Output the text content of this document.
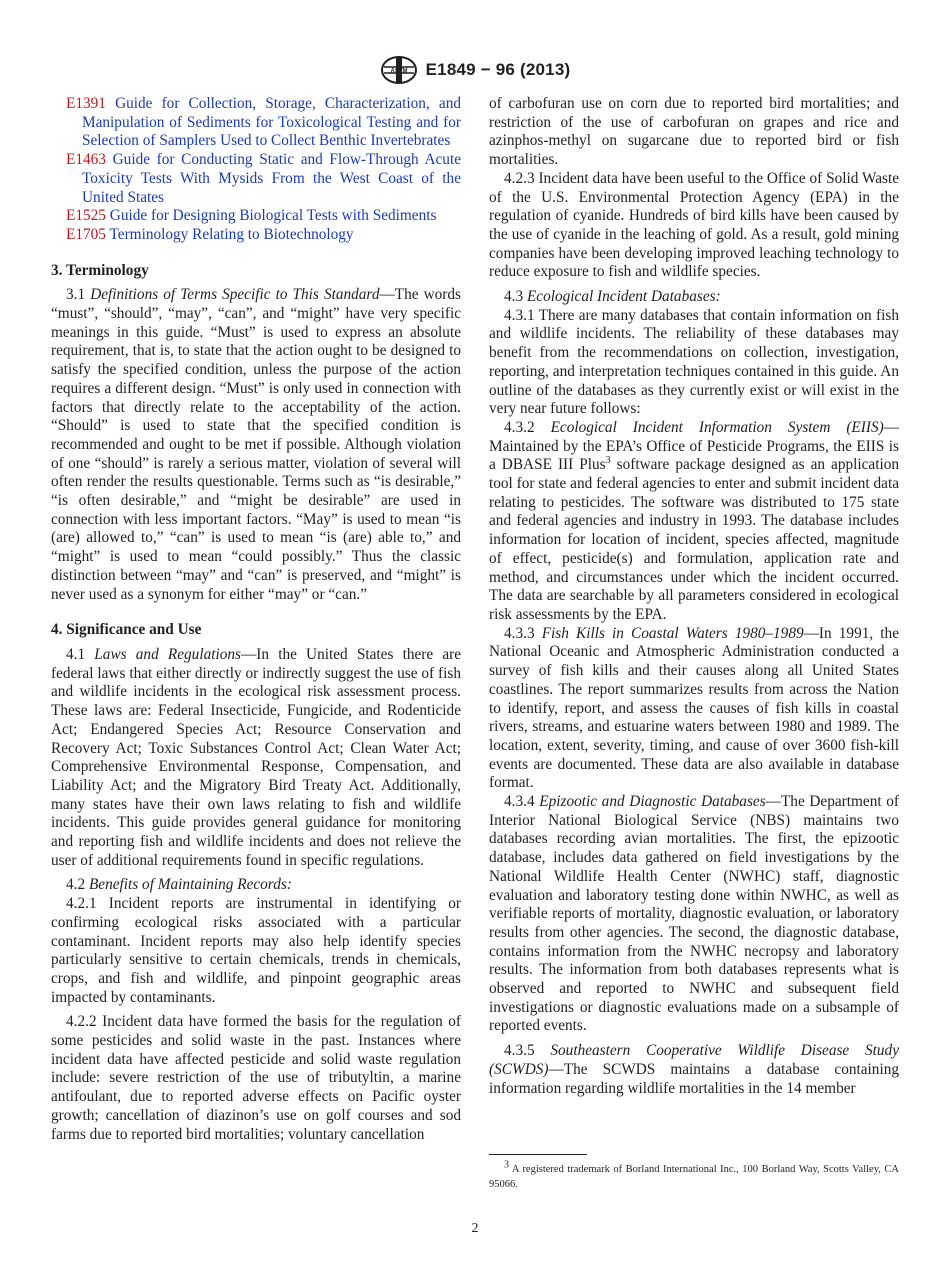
ASTM E1849 − 96 (2013)

E1391 Guide for Collection, Storage, Characterization, and Manipulation of Sediments for Toxicological Testing and for Selection of Samplers Used to Collect Benthic Invertebrates

E1463 Guide for Conducting Static and Flow-Through Acute Toxicity Tests With Mysids From the West Coast of the United States

E1525 Guide for Designing Biological Tests with Sediments

E1705 Terminology Relating to Biotechnology

3. Terminology

3.1 Definitions of Terms Specific to This Standard—The words “must”, “should”, “may”, “can”, and “might” have very specific meanings in this guide. “Must” is used to express an absolute requirement, that is, to state that the action ought to be designed to satisfy the specified condition, unless the purpose of the action requires a different design. “Must” is only used in connection with factors that directly relate to the acceptability of the action. “Should” is used to state that the specified condition is recommended and ought to be met if possible. Although violation of one “should” is rarely a serious matter, violation of several will often render the results questionable. Terms such as “is desirable,” “is often desirable,” and “might be desirable” are used in connection with less important factors. “May” is used to mean “is (are) allowed to,” “can” is used to mean “is (are) able to,” and “might” is used to mean “could possibly.” Thus the classic distinction between “may” and “can” is preserved, and “might” is never used as a synonym for either “may” or “can.”

4. Significance and Use

4.1 Laws and Regulations—In the United States there are federal laws that either directly or indirectly suggest the use of fish and wildlife incidents in the ecological risk assessment process. These laws are: Federal Insecticide, Fungicide, and Rodenticide Act; Endangered Species Act; Resource Conservation and Recovery Act; Toxic Substances Control Act; Clean Water Act; Comprehensive Environmental Response, Compensation, and Liability Act; and the Migratory Bird Treaty Act. Additionally, many states have their own laws relating to fish and wildlife incidents. This guide provides general guidance for monitoring and reporting fish and wildlife incidents and does not relieve the user of additional requirements found in specific regulations.

4.2 Benefits of Maintaining Records:

4.2.1 Incident reports are instrumental in identifying or confirming ecological risks associated with a particular contaminant. Incident reports may also help identify species particularly sensitive to certain chemicals, trends in chemicals, crops, and fish and wildlife, and pinpoint geographic areas impacted by contaminants.

4.2.2 Incident data have formed the basis for the regulation of some pesticides and solid waste in the past. Instances where incident data have affected pesticide and solid waste regulation include: severe restriction of the use of tributyltin, a marine antifoulant, due to reported adverse effects on Pacific oyster growth; cancellation of diazinon’s use on golf courses and sod farms due to reported bird mortalities; voluntary cancellation

of carbofuran use on corn due to reported bird mortalities; and restriction of the use of carbofuran on grapes and rice and azinphos-methyl on sugarcane due to reported bird or fish mortalities.

4.2.3 Incident data have been useful to the Office of Solid Waste of the U.S. Environmental Protection Agency (EPA) in the regulation of cyanide. Hundreds of bird kills have been caused by the use of cyanide in the leaching of gold. As a result, gold mining companies have been developing improved leaching technology to reduce exposure to fish and wildlife species.

4.3 Ecological Incident Databases:

4.3.1 There are many databases that contain information on fish and wildlife incidents. The reliability of these databases may benefit from the recommendations on collection, investigation, reporting, and interpretation techniques contained in this guide. An outline of the databases as they currently exist or will exist in the very near future follows:

4.3.2 Ecological Incident Information System (EIIS)—Maintained by the EPA’s Office of Pesticide Programs, the EIIS is a DBASE III Plus$^3$ software package designed as an application tool for state and federal agencies to enter and submit incident data relating to pesticides. The software was distributed to 175 state and federal agencies and industry in 1993. The database includes information for location of incident, species affected, magnitude of effect, pesticide(s) and formulation, application rate and method, and circumstances under which the incident occurred. The data are searchable by all parameters considered in ecological risk assessments by the EPA.

4.3.3 Fish Kills in Coastal Waters 1980–1989—In 1991, the National Oceanic and Atmospheric Administration conducted a survey of fish kills and their causes along all United States coastlines. The report summarizes results from across the Nation to identify, report, and assess the causes of fish kills in coastal rivers, streams, and estuarine waters between 1980 and 1989. The location, extent, severity, timing, and cause of over 3600 fish-kill events are documented. These data are also available in database format.

4.3.4 Epizootic and Diagnostic Databases—The Department of Interior National Biological Service (NBS) maintains two databases recording avian mortalities. The first, the epizootic database, includes data gathered on field investigations by the National Wildlife Health Center (NWHC) staff, diagnostic evaluation and laboratory testing done within NWHC, as well as verifiable reports of mortality, diagnostic evaluation, or laboratory results from other agencies. The second, the diagnostic database, contains information from the NWHC necropsy and laboratory results. The information from both databases represents what is observed and reported to NWHC and subsequent field investigations or diagnostic evaluations made on a subsample of reported events.

4.3.5 Southeastern Cooperative Wildlife Disease Study (SCWDS)—The SCWDS maintains a database containing information regarding wildlife mortalities in the 14 member

$^3$ A registered trademark of Borland International Inc., 100 Borland Way, Scotts Valley, CA 95066.

2
